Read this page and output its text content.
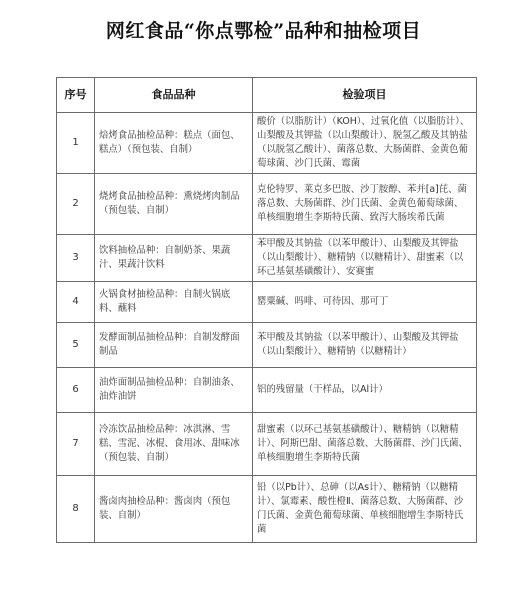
网红食品“你点鄂检”品种和抽检项目
序号	食品品种	检验项目
1	焙烤食品抽检品种：糕点（面包、糕点）（预包装、自制）	酸价（以脂肪计）（KOH）、过氧化值（以脂肪计）、山梨酸及其钾盐（以山梨酸计）、脱氢乙酸及其钠盐（以脱氢乙酸计）、菌落总数、大肠菌群、金黄色葡萄球菌、沙门氏菌、霉菌
2	烧烤食品抽检品种：熏烧烤肉制品（预包装、自制）	克伦特罗、莱克多巴胺、沙丁胺醇、苯并[a]芘、菌落总数、大肠菌群、沙门氏菌、金黄色葡萄球菌、单核细胞增生李斯特氏菌、致泻大肠埃希氏菌
3	饮料抽检品种：自制奶茶、果蔬汁、果蔬汁饮料	苯甲酸及其钠盐（以苯甲酸计）、山梨酸及其钾盐（以山梨酸计）、糖精钠（以糖精计）、甜蜜素（以环己基氨基磺酸计）、安赛蜜
4	火锅食材抽检品种：自制火锅底料、蘸料	罂粟碱、吗啡、可待因、那可丁
5	发酵面制品抽检品种：自制发酵面制品	苯甲酸及其钠盐（以苯甲酸计）、山梨酸及其钾盐（以山梨酸计）、糖精钠（以糖精计）
6	油炸面制品抽检品种：自制油条、油炸油饼	铝的残留量（干样品，以Al计）
7	冷冻饮品抽检品种：冰淇淋、雪糕、雪泥、冰棍、食用冰、甜味冰（预包装、自制）	甜蜜素（以环己基氨基磺酸计）、糖精钠（以糖精计）、阿斯巴甜、菌落总数、大肠菌群、沙门氏菌、单核细胞增生李斯特氏菌
8	酱卤肉抽检品种：酱卤肉（预包装、自制）	铅（以Pb计）、总砷（以As计）、糖精钠（以糖精计）、氯霉素、酸性橙Ⅱ、菌落总数、大肠菌群、沙门氏菌、金黄色葡萄球菌、单核细胞增生李斯特氏菌
